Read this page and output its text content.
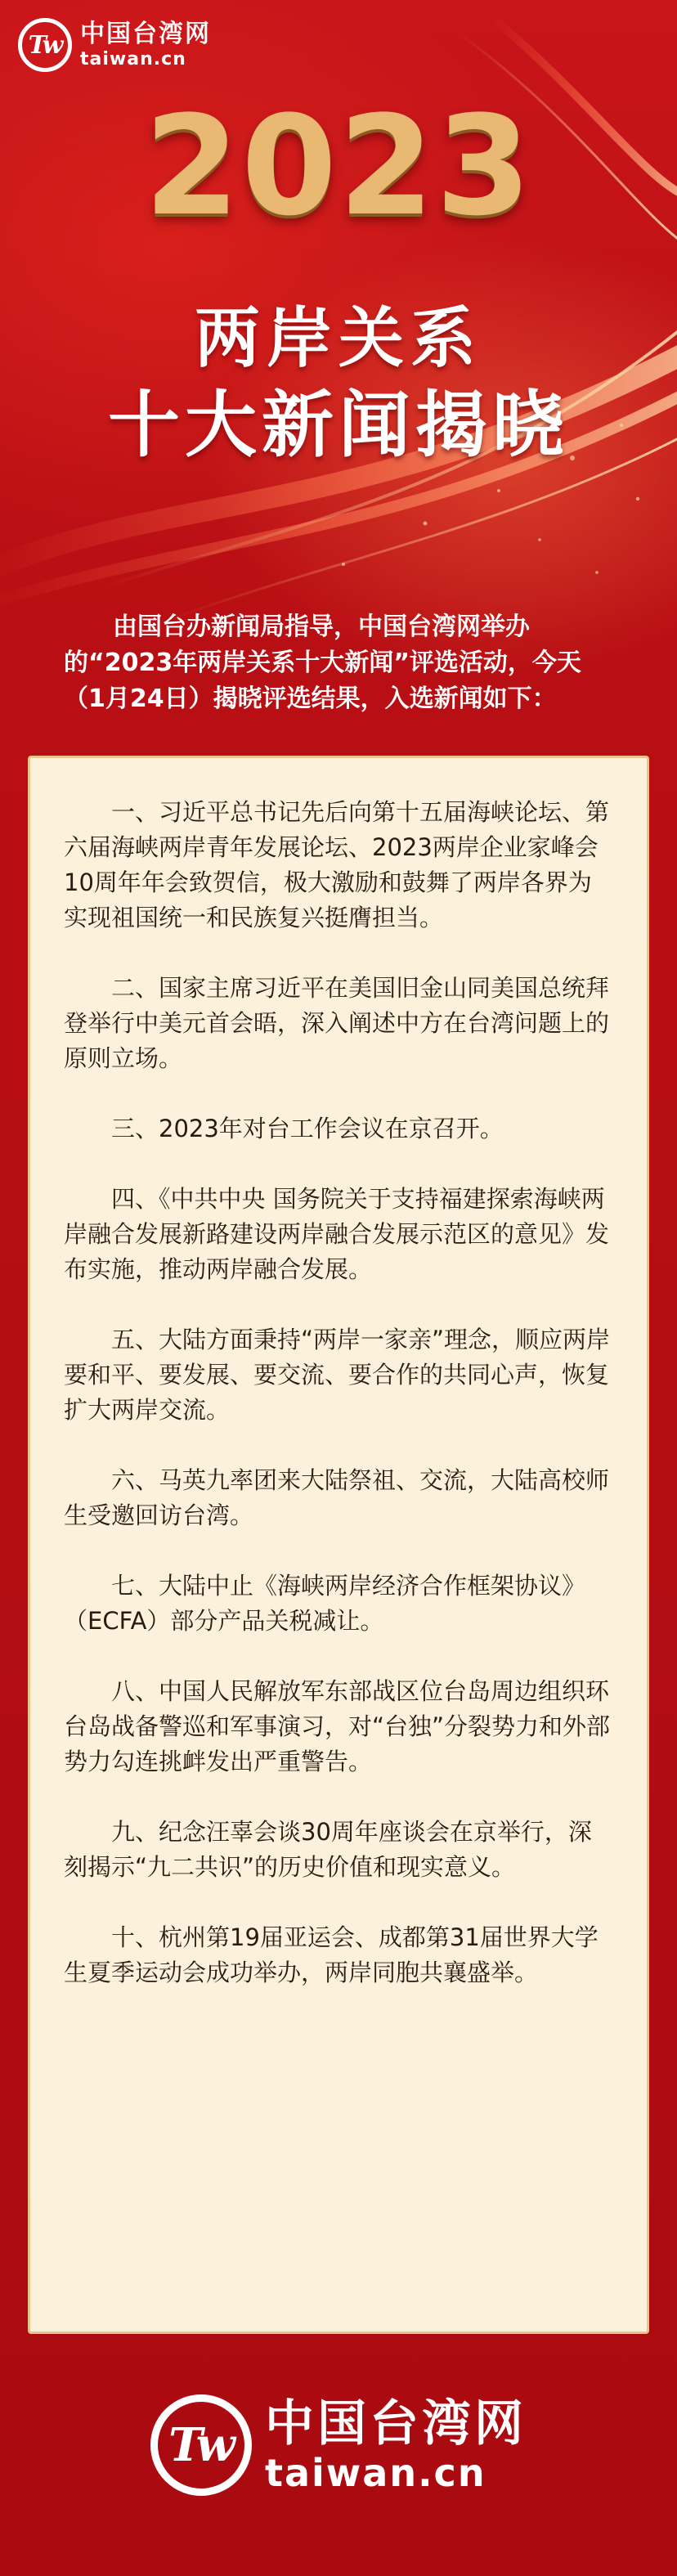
Tw 中国台湾网
taiwan.cn
2023
两岸关系
十大新闻揭晓
由国台办新闻局指导，中国台湾网举办的“2023年两岸关系十大新闻”评选活动，今天（1月24日）揭晓评选结果，入选新闻如下：

一、习近平总书记先后向第十五届海峡论坛、第六届海峡两岸青年发展论坛、2023两岸企业家峰会10周年年会致贺信，极大激励和鼓舞了两岸各界为实现祖国统一和民族复兴挺膺担当。

二、国家主席习近平在美国旧金山同美国总统拜登举行中美元首会晤，深入阐述中方在台湾问题上的原则立场。

三、2023年对台工作会议在京召开。

四、《中共中央 国务院关于支持福建探索海峡两岸融合发展新路建设两岸融合发展示范区的意见》发布实施，推动两岸融合发展。

五、大陆方面秉持“两岸一家亲”理念，顺应两岸要和平、要发展、要交流、要合作的共同心声，恢复扩大两岸交流。

六、马英九率团来大陆祭祖、交流，大陆高校师生受邀回访台湾。

七、大陆中止《海峡两岸经济合作框架协议》（ECFA）部分产品关税减让。

八、中国人民解放军东部战区位台岛周边组织环台岛战备警巡和军事演习，对“台独”分裂势力和外部势力勾连挑衅发出严重警告。

九、纪念汪辜会谈30周年座谈会在京举行，深刻揭示“九二共识”的历史价值和现实意义。

十、杭州第19届亚运会、成都第31届世界大学生夏季运动会成功举办，两岸同胞共襄盛举。

Tw 中国台湾网
taiwan.cn
